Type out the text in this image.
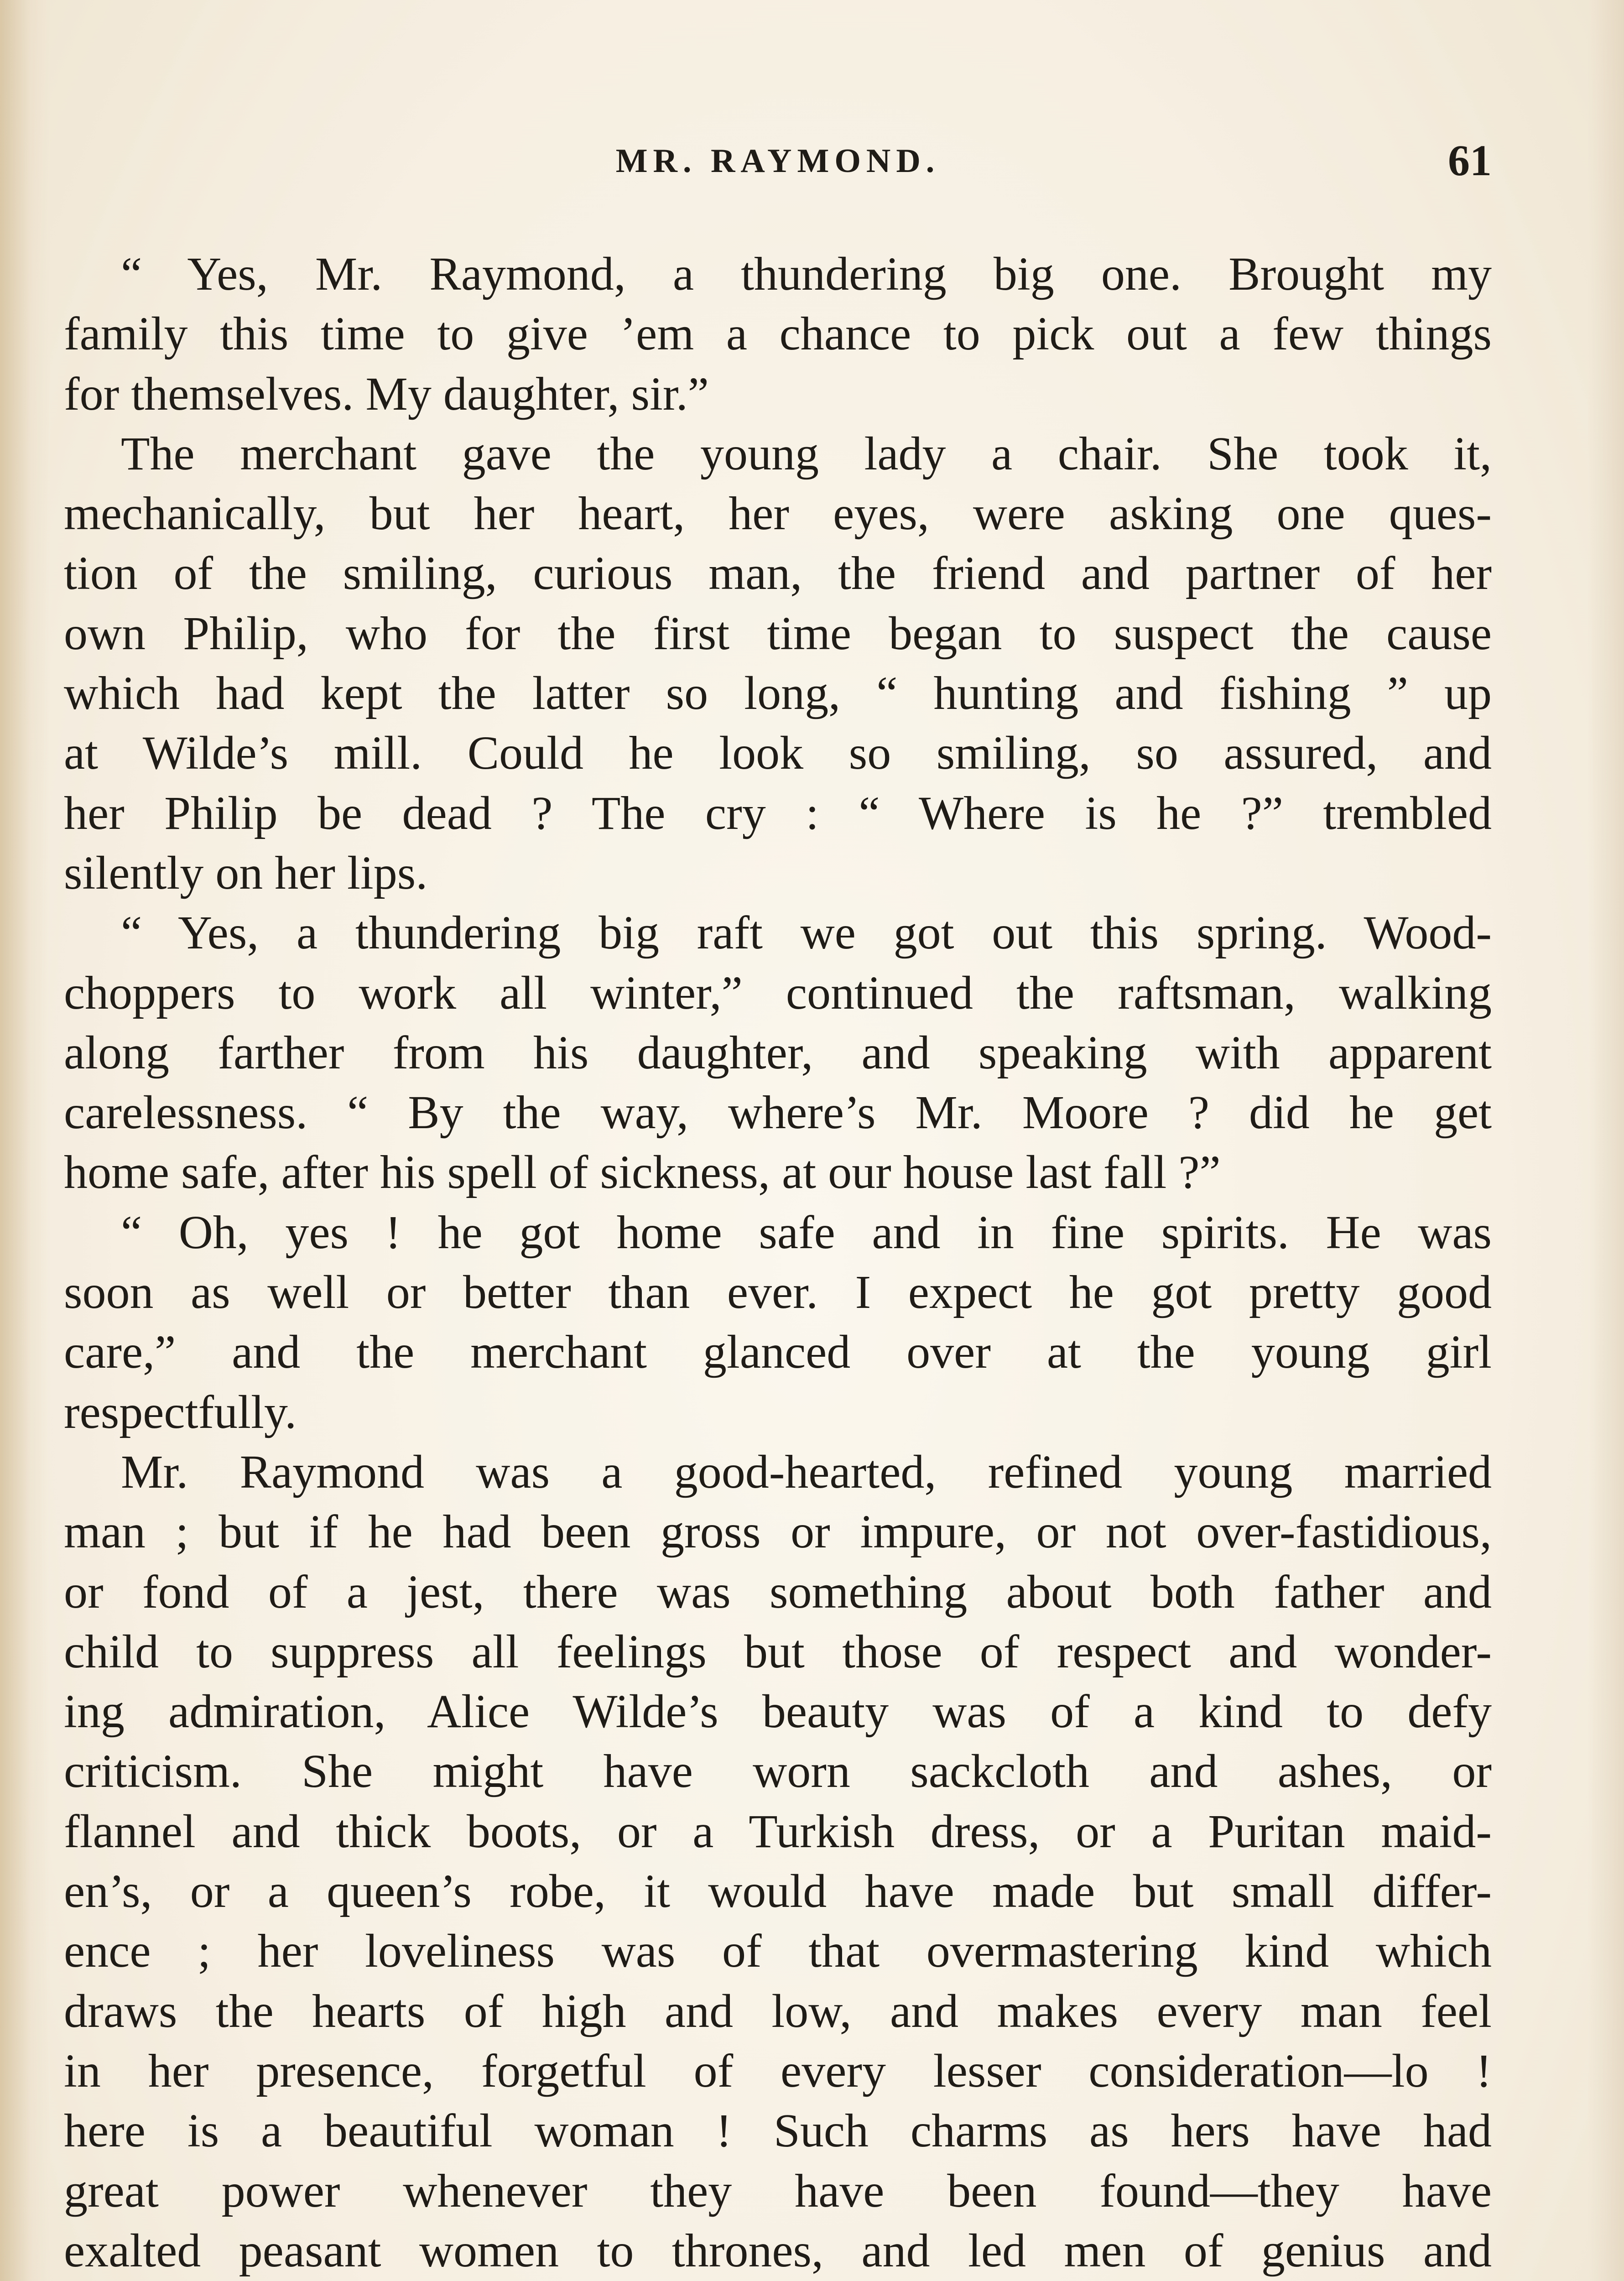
MR. RAYMOND.	61
“ Yes, Mr. Raymond, a thundering big one. Brought my
family this time to give ’em a chance to pick out a few things
for themselves. My daughter, sir.”
The merchant gave the young lady a chair. She took it,
mechanically, but her heart, her eyes, were asking one ques-
tion of the smiling, curious man, the friend and partner of her
own Philip, who for the first time began to suspect the cause
which had kept the latter so long, “ hunting and fishing ” up
at Wilde’s mill. Could he look so smiling, so assured, and
her Philip be dead ? The cry : “ Where is he ?” trembled
silently on her lips.
“ Yes, a thundering big raft we got out this spring. Wood-
choppers to work all winter,” continued the raftsman, walking
along farther from his daughter, and speaking with apparent
carelessness. “ By the way, where’s Mr. Moore ? did he get
home safe, after his spell of sickness, at our house last fall ?”
“ Oh, yes ! he got home safe and in fine spirits. He was
soon as well or better than ever. I expect he got pretty good
care,” and the merchant glanced over at the young girl
respectfully.
Mr. Raymond was a good-hearted, refined young married
man ; but if he had been gross or impure, or not over-fastidious,
or fond of a jest, there was something about both father and
child to suppress all feelings but those of respect and wonder-
ing admiration, Alice Wilde’s beauty was of a kind to defy
criticism. She might have worn sackcloth and ashes, or
flannel and thick boots, or a Turkish dress, or a Puritan maid-
en’s, or a queen’s robe, it would have made but small differ-
ence ; her loveliness was of that overmastering kind which
draws the hearts of high and low, and makes every man feel
in her presence, forgetful of every lesser consideration—lo !
here is a beautiful woman ! Such charms as hers have had
great power whenever they have been found—they have
exalted peasant women to thrones, and led men of genius and
